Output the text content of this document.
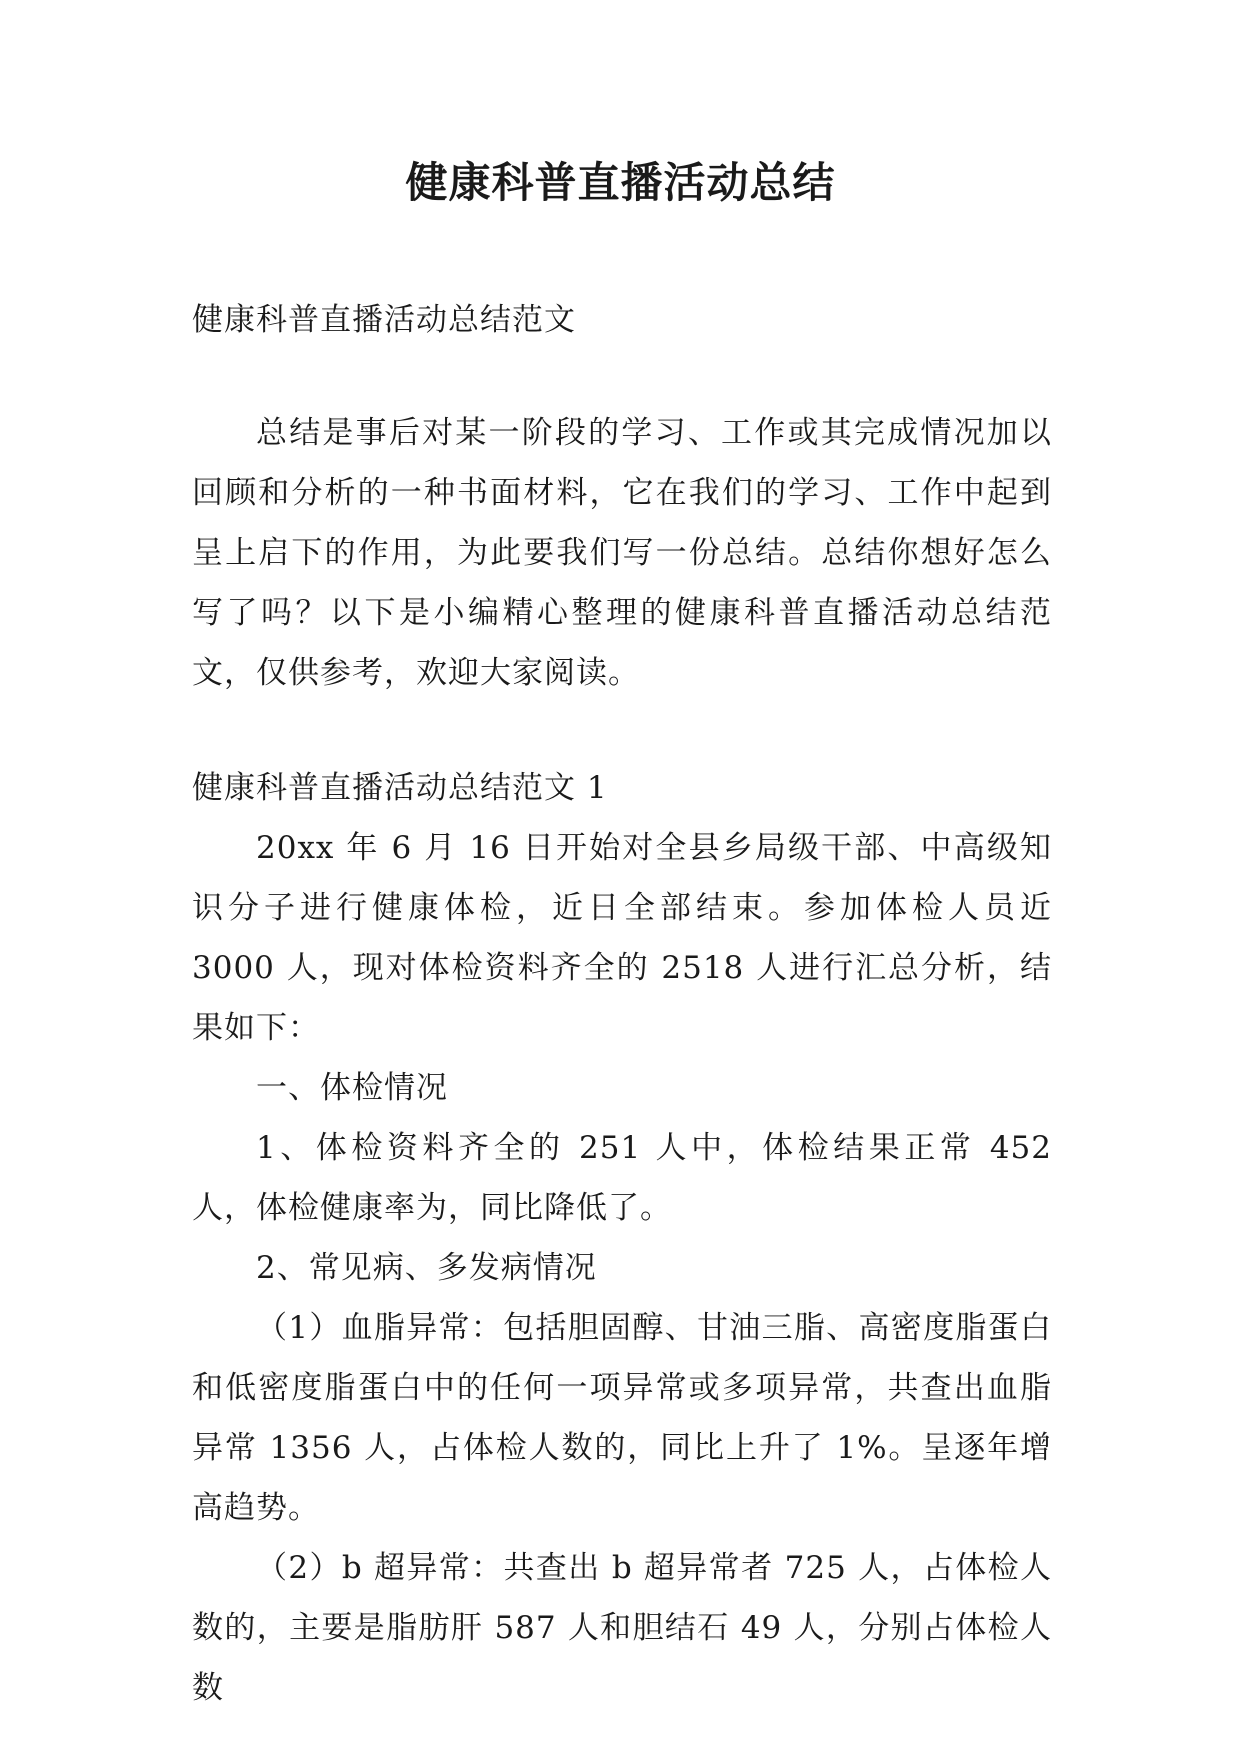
健康科普直播活动总结

健康科普直播活动总结范文

总结是事后对某一阶段的学习、工作或其完成情况加以回顾和分析的一种书面材料，它在我们的学习、工作中起到呈上启下的作用，为此要我们写一份总结。总结你想好怎么写了吗？以下是小编精心整理的健康科普直播活动总结范文，仅供参考，欢迎大家阅读。

健康科普直播活动总结范文 1

20xx 年 6 月 16 日开始对全县乡局级干部、中高级知识分子进行健康体检，近日全部结束。参加体检人员近 3000 人，现对体检资料齐全的 2518 人进行汇总分析，结果如下：

一、体检情况

1、体检资料齐全的 251 人中，体检结果正常 452 人，体检健康率为，同比降低了。

2、常见病、多发病情况

（1）血脂异常：包括胆固醇、甘油三脂、高密度脂蛋白和低密度脂蛋白中的任何一项异常或多项异常，共查出血脂异常 1356 人，占体检人数的，同比上升了 1%。呈逐年增高趋势。

（2）b 超异常：共查出 b 超异常者 725 人，占体检人数的，主要是脂肪肝 587 人和胆结石 49 人，分别占体检人数
